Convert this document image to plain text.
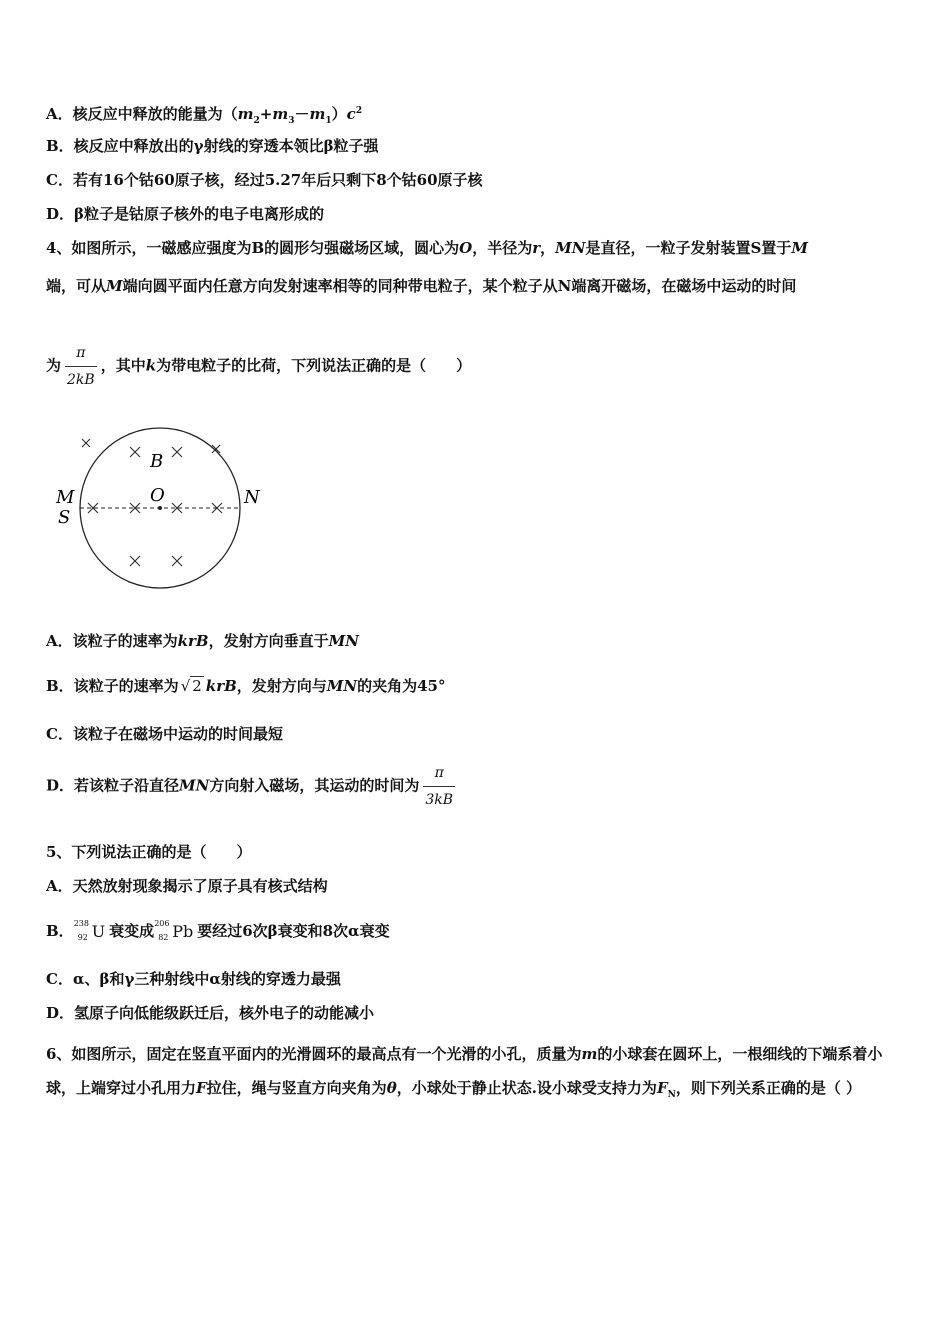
A．核反应中释放的能量为$(m_2+m_3-m_1)c^2$
B．核反应中释放出的γ射线的穿透本领比β粒子强
C．若有16个钴60原子核，经过5.27年后只剩下8个钴60原子核
D．β粒子是钴原子核外的电子电离形成的
4、如图所示，一磁感应强度为B的圆形匀强磁场区域，圆心为O，半径为r，MN是直径，一粒子发射装置S置于M
端，可从M端向圆平面内任意方向发射速率相等的同种带电粒子，某个粒子从N端离开磁场，在磁场中运动的时间
为 $\frac{\pi}{2kB}$ ，其中k为带电粒子的比荷，下列说法正确的是（　　）
B
O
M
S
N
A．该粒子的速率为krB，发射方向垂直于MN
B．该粒子的速率为 √ 2 krB，发射方向与MN的夹角为45°
C．该粒子在磁场中运动的时间最短
D．若该粒子沿直径MN方向射入磁场，其运动的时间为 $\frac{\pi}{3kB}$
5、下列说法正确的是（　　）
A．天然放射现象揭示了原子具有核式结构
B． 238
92 U 衰变成 206
82 Pb 要经过6次β衰变和8次α衰变
C．α、β和γ三种射线中α射线的穿透力最强
D．氢原子向低能级跃迁后，核外电子的动能减小
6、如图所示，固定在竖直平面内的光滑圆环的最高点有一个光滑的小孔，质量为m的小球套在圆环上，一根细线的下端系着小球，上端穿过小孔用力F拉住，绳与竖直方向夹角为θ，小球处于静止状态.设小球受支持力为$F_N$，则下列关系正确的是（ ）
